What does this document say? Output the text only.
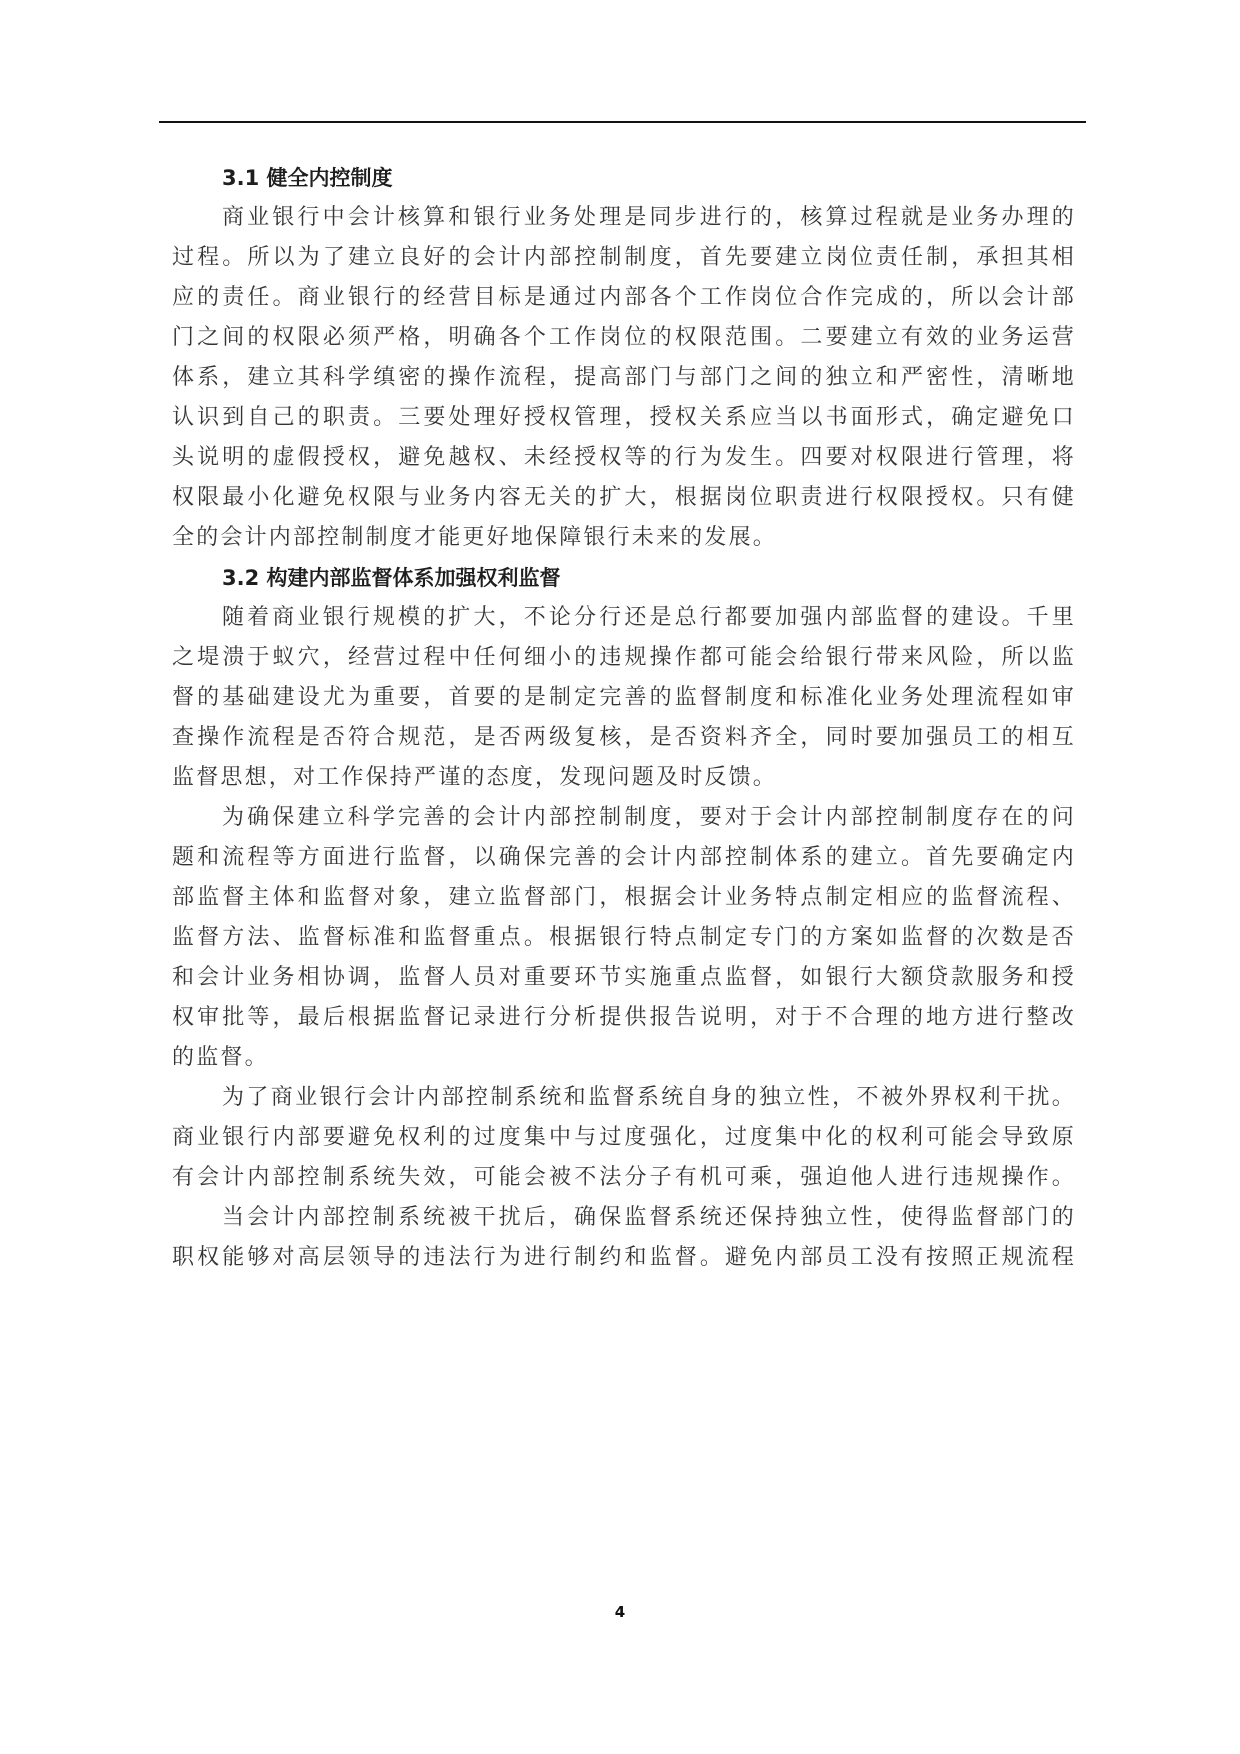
3.1 健全内控制度

商业银行中会计核算和银行业务处理是同步进行的，核算过程就是业务办理的
过程。所以为了建立良好的会计内部控制制度，首先要建立岗位责任制，承担其相
应的责任。商业银行的经营目标是通过内部各个工作岗位合作完成的，所以会计部
门之间的权限必须严格，明确各个工作岗位的权限范围。二要建立有效的业务运营
体系，建立其科学缜密的操作流程，提高部门与部门之间的独立和严密性，清晰地
认识到自己的职责。三要处理好授权管理，授权关系应当以书面形式，确定避免口
头说明的虚假授权，避免越权、未经授权等的行为发生。四要对权限进行管理，将
权限最小化避免权限与业务内容无关的扩大，根据岗位职责进行权限授权。只有健
全的会计内部控制制度才能更好地保障银行未来的发展。

3.2 构建内部监督体系加强权利监督

随着商业银行规模的扩大，不论分行还是总行都要加强内部监督的建设。千里
之堤溃于蚁穴，经营过程中任何细小的违规操作都可能会给银行带来风险，所以监
督的基础建设尤为重要，首要的是制定完善的监督制度和标准化业务处理流程如审
查操作流程是否符合规范，是否两级复核，是否资料齐全，同时要加强员工的相互
监督思想，对工作保持严谨的态度，发现问题及时反馈。

为确保建立科学完善的会计内部控制制度，要对于会计内部控制制度存在的问
题和流程等方面进行监督，以确保完善的会计内部控制体系的建立。首先要确定内
部监督主体和监督对象，建立监督部门，根据会计业务特点制定相应的监督流程、
监督方法、监督标准和监督重点。根据银行特点制定专门的方案如监督的次数是否
和会计业务相协调，监督人员对重要环节实施重点监督，如银行大额贷款服务和授
权审批等，最后根据监督记录进行分析提供报告说明，对于不合理的地方进行整改
的监督。

为了商业银行会计内部控制系统和监督系统自身的独立性，不被外界权利干扰。
商业银行内部要避免权利的过度集中与过度强化，过度集中化的权利可能会导致原
有会计内部控制系统失效，可能会被不法分子有机可乘，强迫他人进行违规操作。

当会计内部控制系统被干扰后，确保监督系统还保持独立性，使得监督部门的
职权能够对高层领导的违法行为进行制约和监督。避免内部员工没有按照正规流程

4
